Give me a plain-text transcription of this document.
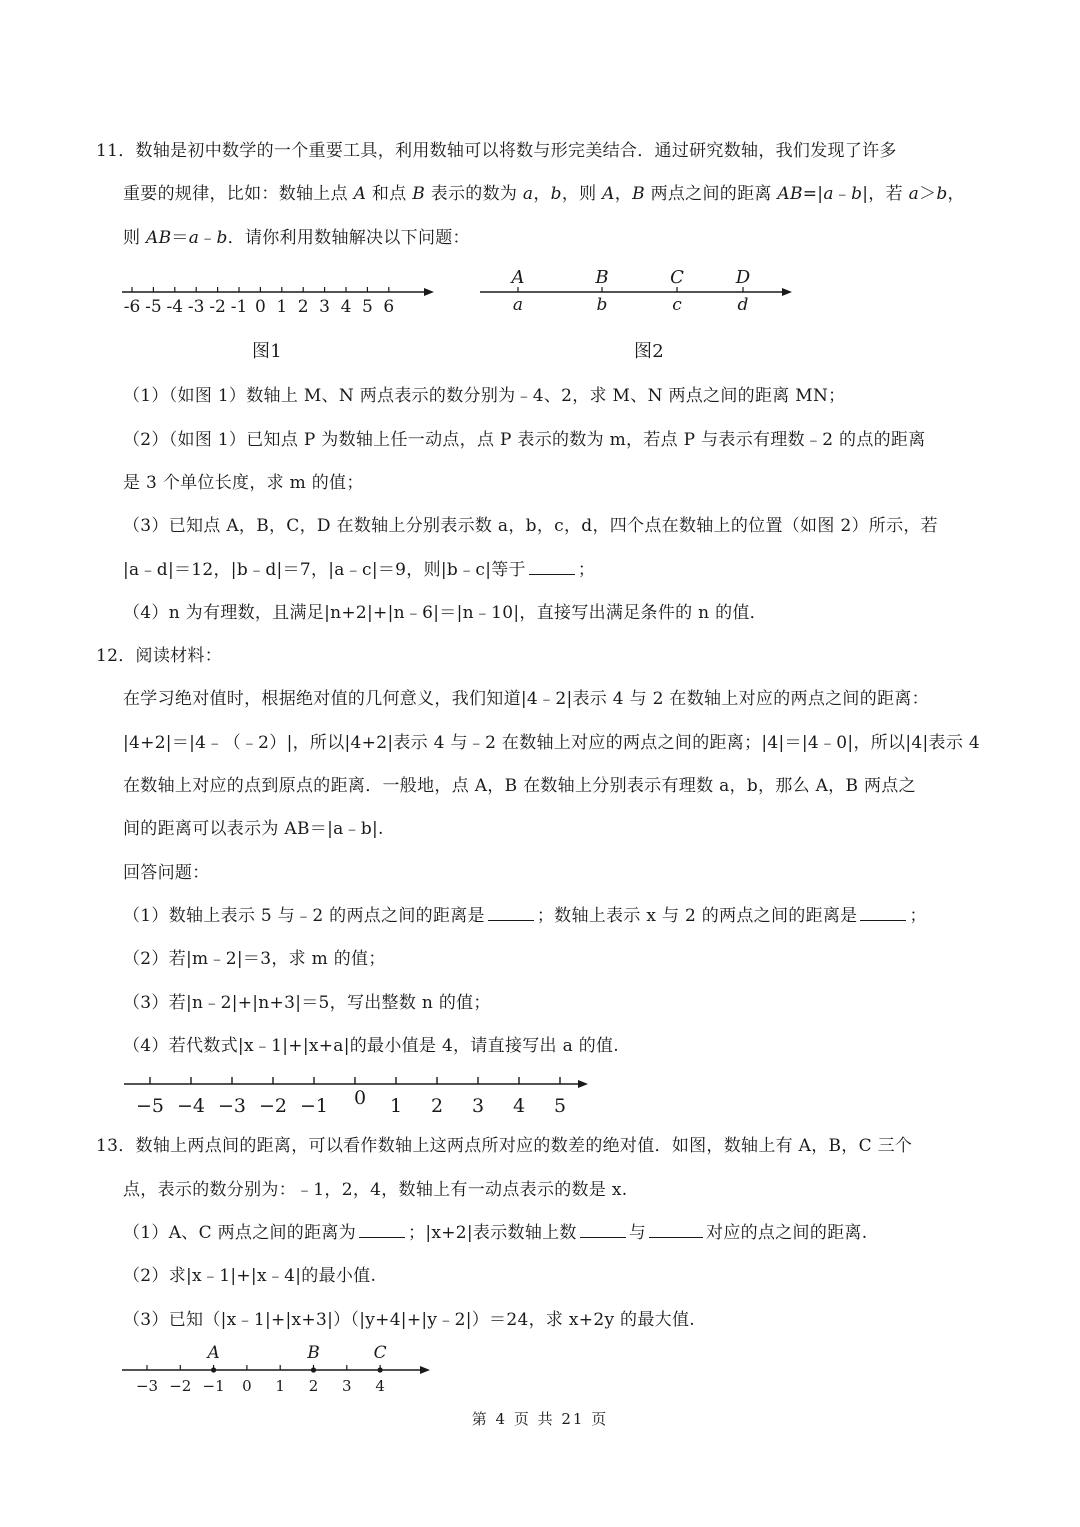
11．数轴是初中数学的一个重要工具，利用数轴可以将数与形完美结合．通过研究数轴，我们发现了许多
重要的规律，比如：数轴上点 A 和点 B 表示的数为 a，b，则 A，B 两点之间的距离 AB=|a﹣b|，若 a＞b，
则 AB＝a﹣b．请你利用数轴解决以下问题：
-6 -5 -4 -3 -2 -1 0 1 2 3 4 5 6
图1
A
a
B
b
C
c
D
d
图2
（1）（如图 1）数轴上 M、N 两点表示的数分别为﹣4、2，求 M、N 两点之间的距离 MN；
（2）（如图 1）已知点 P 为数轴上任一动点，点 P 表示的数为 m，若点 P 与表示有理数﹣2 的点的距离
是 3 个单位长度，求 m 的值；
（3）已知点 A，B，C，D 在数轴上分别表示数 a，b，c，d，四个点在数轴上的位置（如图 2）所示，若
|a﹣d|＝12，|b﹣d|＝7，|a﹣c|＝9，则|b﹣c|等于	；
（4）n 为有理数，且满足|n+2|+|n﹣6|＝|n﹣10|，直接写出满足条件的 n 的值．
12．阅读材料：
在学习绝对值时，根据绝对值的几何意义，我们知道|4﹣2|表示 4 与 2 在数轴上对应的两点之间的距离：
|4+2|＝|4﹣（﹣2）|，所以|4+2|表示 4 与﹣2 在数轴上对应的两点之间的距离；|4|＝|4﹣0|，所以|4|表示 4
在数轴上对应的点到原点的距离．一般地，点 A，B 在数轴上分别表示有理数 a，b，那么 A，B 两点之
间的距离可以表示为 AB＝|a﹣b|.
回答问题：
（1）数轴上表示 5 与﹣2 的两点之间的距离是	；数轴上表示 x 与 2 的两点之间的距离是	；
（2）若|m﹣2|＝3，求 m 的值；
（3）若|n﹣2|+|n+3|＝5，写出整数 n 的值；
（4）若代数式|x﹣1|+|x+a|的最小值是 4，请直接写出 a 的值.
−5 −4 −3 −2 −1 0 1 2 3 4 5
13．数轴上两点间的距离，可以看作数轴上这两点所对应的数差的绝对值．如图，数轴上有 A，B，C 三个
点，表示的数分别为：﹣1，2，4，数轴上有一动点表示的数是 x.
（1）A、C 两点之间的距离为	；|x+2|表示数轴上数	与	对应的点之间的距离.
（2）求|x﹣1|+|x﹣4|的最小值.
（3）已知（|x﹣1|+|x+3|）（|y+4|+|y﹣2|）＝24，求 x+2y 的最大值.
−3 −2 −1 0 1 2 3 4
A	B	C
第 4 页 共 21 页
